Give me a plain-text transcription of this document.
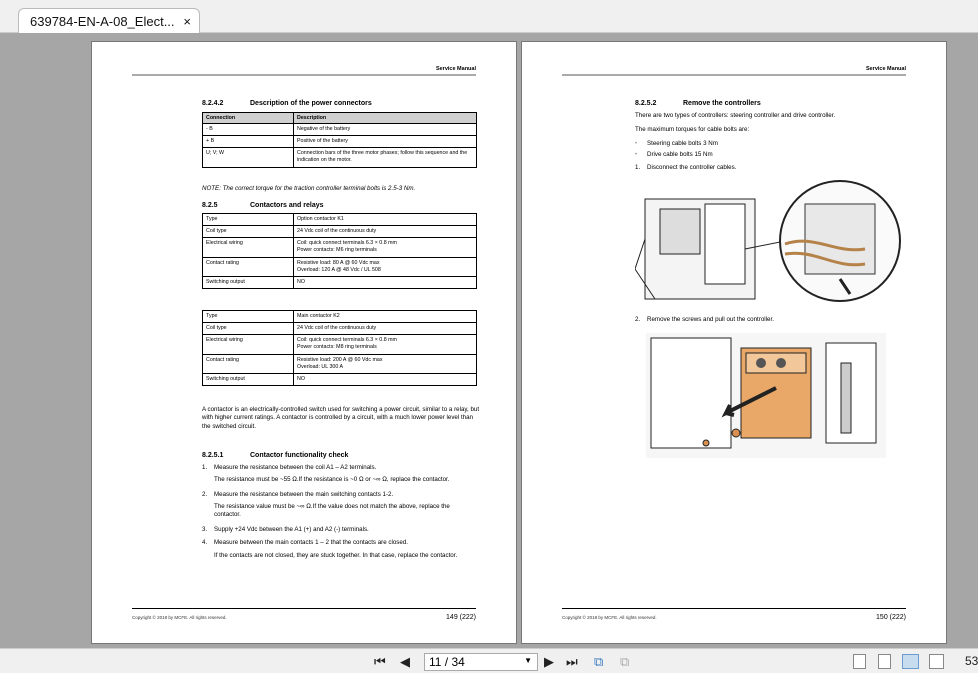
639784-EN-A-08_Elect... ×
Service Manual
8.2.4.2	Description of the power connectors
Connection	Description
- B	Negative of the battery
+ B	Positive of the battery
U; V; W	Connection bars of the three motor phases; follow this sequence and the indication on the motor.
NOTE: The correct torque for the traction controller terminal bolts is 2.5-3 Nm.
8.2.5	Contactors and relays
Type	Option contactor K1

Coil type	24 Vdc coil of the continuous duty

Electrical wiring	Coil: quick connect terminals 6.3 × 0.8 mm
Power contacts: M6 ring terminals

Contact rating	Resistive load: 80 A @ 60 Vdc max
Overload: 120 A @ 48 Vdc / UL 508

Switching output	NO
Type	Main contactor K2

Coil type	24 Vdc coil of the continuous duty

Electrical wiring	Coil: quick connect terminals 6.3 × 0.8 mm
Power contacts: M8 ring terminals

Contact rating	Resistive load: 200 A @ 60 Vdc max
Overload: UL 300 A

Switching output	NO
A contactor is an electrically-controlled switch used for switching a power circuit, similar to a relay, but with higher current ratings. A contactor is controlled by a circuit, with a much lower power level than the switched circuit.
8.2.5.1	Contactor functionality check
1.	Measure the resistance between the coil A1 – A2 terminals.
The resistance must be ~55 Ω.If the resistance is ~0 Ω or ~∞ Ω, replace the contactor.
2.	Measure the resistance between the main switching contacts 1-2.
The resistance value must be ~∞ Ω.If the value does not match the above, replace the contactor.
3.	Supply +24 Vdc between the A1 (+) and A2 (-) terminals.
4.	Measure between the main contacts 1 – 2 that the contacts are closed.
If the contacts are not closed, they are stuck together. In that case, replace the contactor.
Copyright © 2018 by MCFE. All rights reserved.	149 (222)
Service Manual
8.2.5.2	Remove the controllers
There are two types of controllers: steering controller and drive controller.
The maximum torques for cable bolts are:
•	Steering cable bolts 3 Nm
•	Drive cable bolts 15 Nm
1.	Disconnect the controller cables.
2.	Remove the screws and pull out the controller.
Copyright © 2018 by MCFE. All rights reserved.	150 (222)
⏮ ◀	11 / 34	▼ ▶ ⏭ ⧉ ⧉	53
